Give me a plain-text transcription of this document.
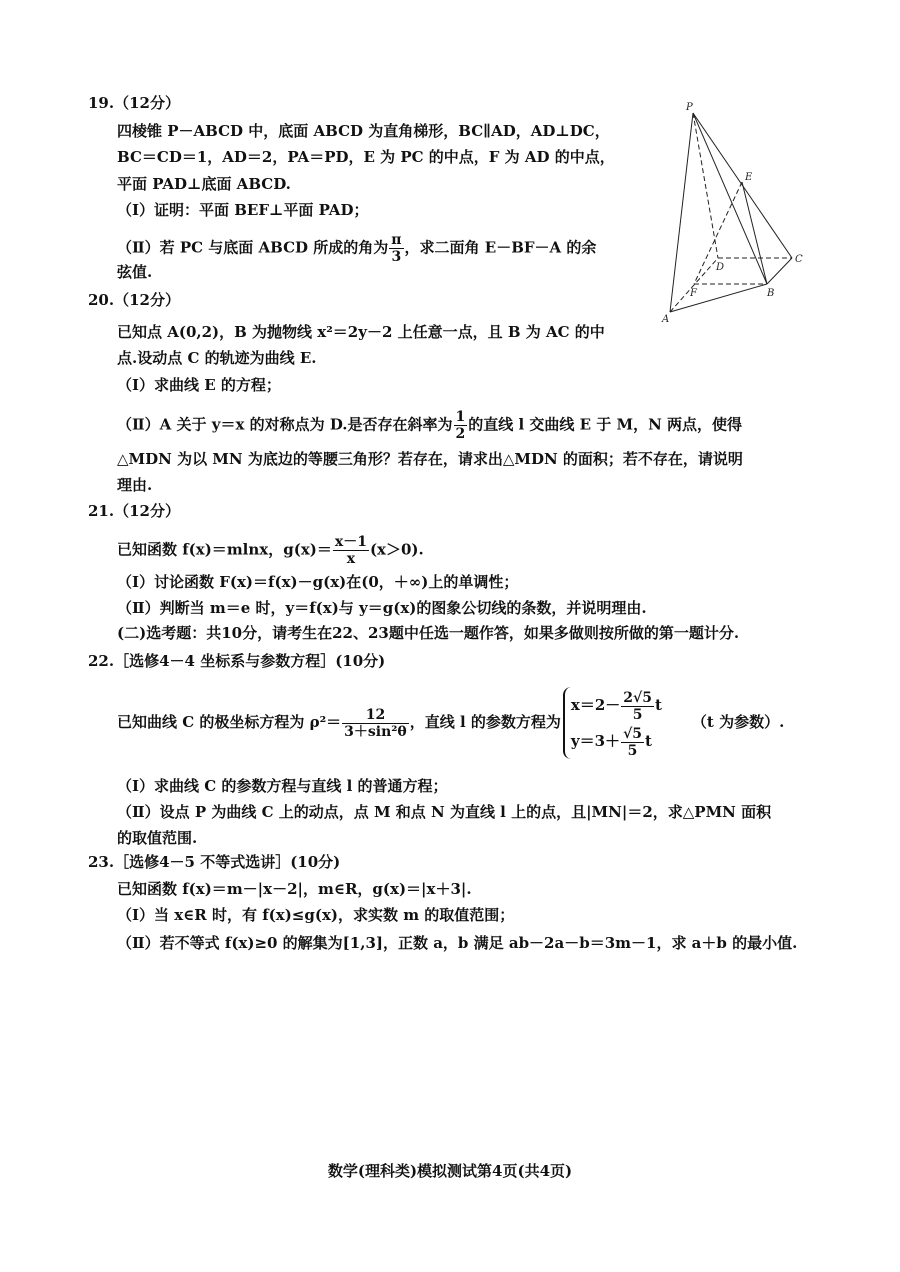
19.（12分）
四棱锥 P－ABCD 中，底面 ABCD 为直角梯形，BC∥AD，AD⊥DC，
BC＝CD＝1，AD＝2，PA＝PD，E 为 PC 的中点，F 为 AD 的中点，
平面 PAD⊥底面 ABCD.
（Ⅰ）证明：平面 BEF⊥平面 PAD；
（Ⅱ）若 PC 与底面 ABCD 所成的角为 $\frac{\pi}{3}$ ，求二面角 E－BF－A 的余
弦值.
P
E
D
C
F	B
A
20.（12分）
已知点 A(0,2)，B 为抛物线 x²＝2y－2 上任意一点，且 B 为 AC 的中
点.设动点 C 的轨迹为曲线 E.
（Ⅰ）求曲线 E 的方程；
（Ⅱ）A 关于 y＝x 的对称点为 D.是否存在斜率为 $\frac{1}{2}$ 的直线 l 交曲线 E 于 M，N 两点，使得
△MDN 为以 MN 为底边的等腰三角形？若存在，请求出△MDN 的面积；若不存在，请说明
理由.
21.（12分）
已知函数 f(x)＝mlnx，$g(x)= \frac{x-1}{x} (x>0)$.
（Ⅰ）讨论函数 F(x)＝f(x)－g(x)在(0，＋∞)上的单调性；
（Ⅱ）判断当 m＝e 时，y＝f(x)与 y＝g(x)的图象公切线的条数，并说明理由.
(二)选考题：共10分，请考生在22、23题中任选一题作答，如果多做则按所做的第一题计分.
22.［选修4－4 坐标系与参数方程］(10分)
已知曲线 C 的极坐标方程为 $\rho^2= \frac{12}{\text{3＋sin²θ}}$ ，直线 l 的参数方程为
$x=2- \frac{2√5}{5}$ t
$y=3+ \frac{√5}{5}$ t
（t 为参数）.
（Ⅰ）求曲线 C 的参数方程与直线 l 的普通方程；
（Ⅱ）设点 P 为曲线 C 上的动点，点 M 和点 N 为直线 l 上的点，且|MN|＝2，求△PMN 面积
的取值范围.
23.［选修4－5 不等式选讲］(10分)
已知函数 f(x)＝m－|x－2|，m∈R，g(x)＝|x＋3|.
（Ⅰ）当 x∈R 时，有 f(x)≤g(x)，求实数 m 的取值范围；
（Ⅱ）若不等式 f(x)≥0 的解集为[1,3]，正数 a，b 满足 ab－2a－b＝3m－1，求 a＋b 的最小值.
数学(理科类)模拟测试第4页(共4页)
